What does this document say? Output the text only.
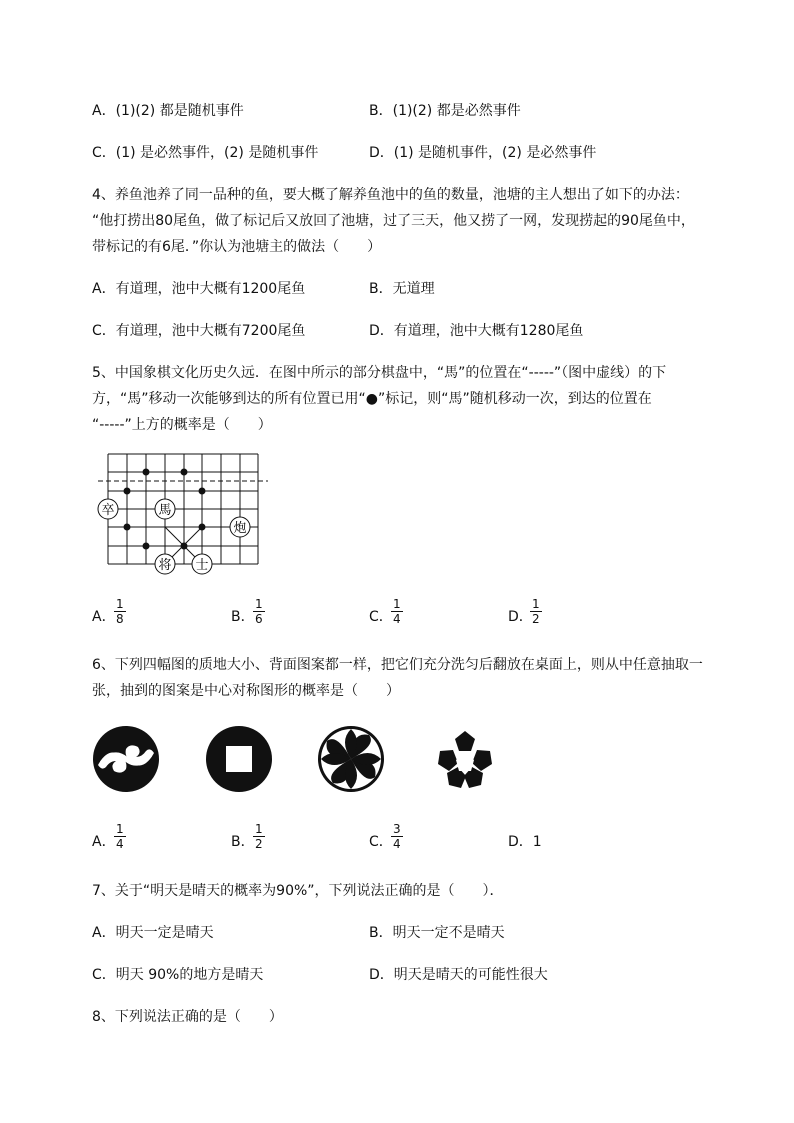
A．(1)(2) 都是随机事件	B．(1)(2) 都是必然事件
C．(1) 是必然事件，(2) 是随机事件	D．(1) 是随机事件，(2) 是必然事件
4、养鱼池养了同一品种的鱼，要大概了解养鱼池中的鱼的数量，池塘的主人想出了如下的办法：
“他打捞出80尾鱼，做了标记后又放回了池塘，过了三天，他又捞了一网，发现捞起的90尾鱼中，
带标记的有6尾．”你认为池塘主的做法（　　）
A．有道理，池中大概有1200尾鱼	B．无道理
C．有道理，池中大概有7200尾鱼	D．有道理，池中大概有1280尾鱼
5、中国象棋文化历史久远．在图中所示的部分棋盘中，“馬”的位置在“-----”（图中虚线）的下
方，“馬”移动一次能够到达的所有位置已用“●”标记，则“馬”随机移动一次，到达的位置在
“-----”上方的概率是（　　）
卒	馬
炮
将 士
A．
$\frac{1}{8}$	B．
$\frac{1}{6}$	C．
$\frac{1}{4}$	D．
$\frac{1}{2}$
6、下列四幅图的质地大小、背面图案都一样，把它们充分洗匀后翻放在桌面上，则从中任意抽取一
张，抽到的图案是中心对称图形的概率是（　　）
A．
$\frac{1}{4}$	B．
$\frac{1}{2}$	C．
$\frac{3}{4}$	D．1
7、关于“明天是晴天的概率为90%”，下列说法正确的是（　　）．
A．明天一定是晴天	B．明天一定不是晴天
C．明天 90%的地方是晴天	D．明天是晴天的可能性很大
8、下列说法正确的是（　　）
